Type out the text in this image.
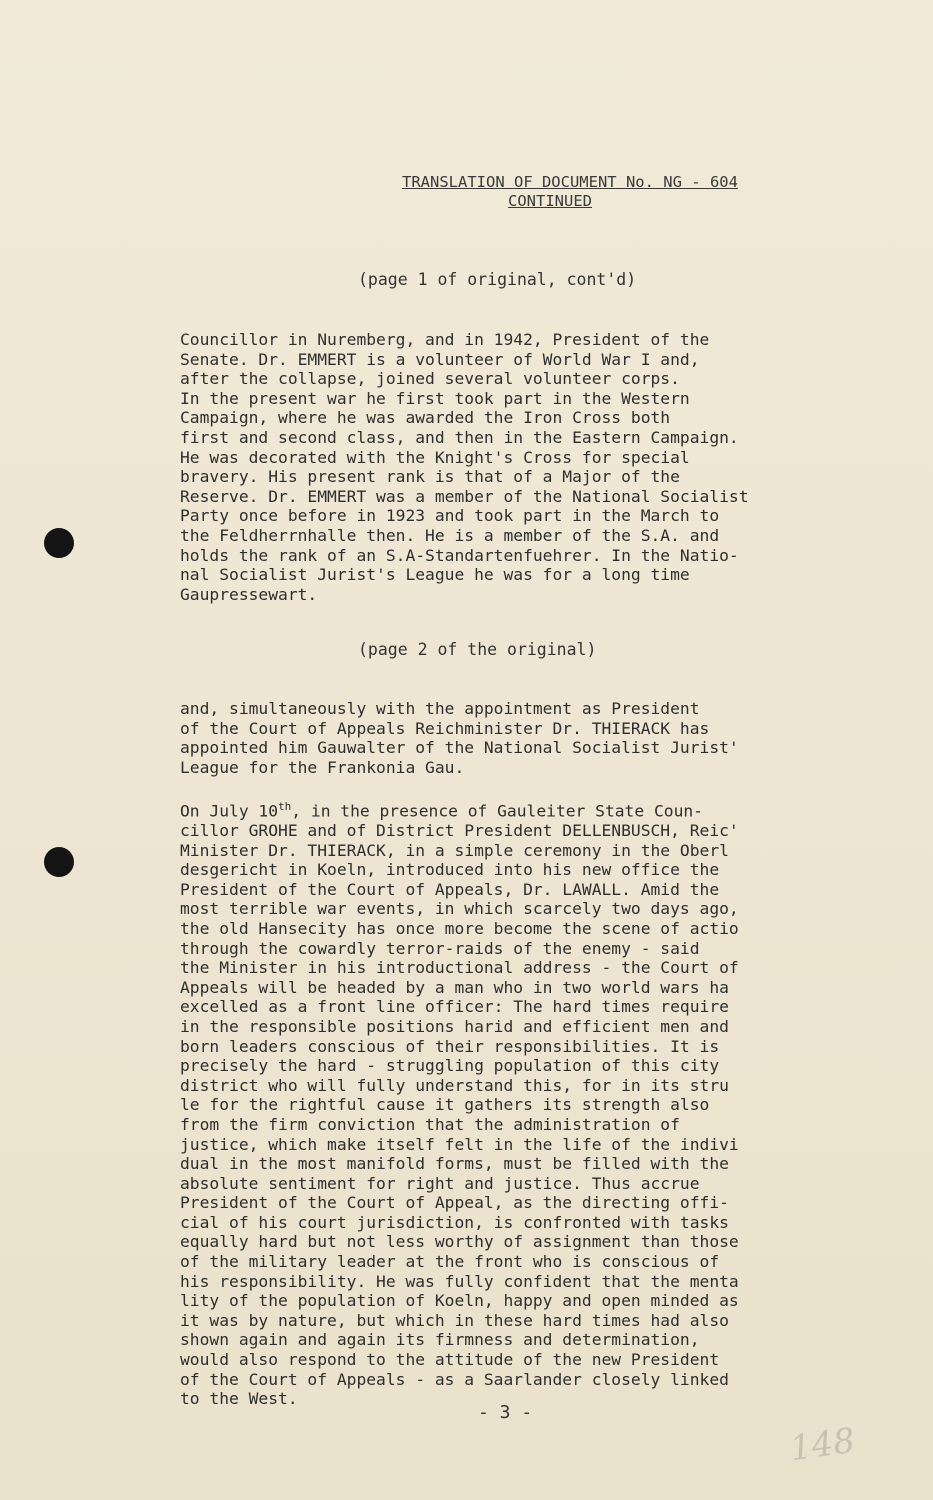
TRANSLATION OF DOCUMENT No. NG - 604
CONTINUED
(page 1 of original, cont'd)
Councillor in Nuremberg, and in 1942, President of the
Senate. Dr. EMMERT is a volunteer of World War I and,
after the collapse, joined several volunteer corps.
In the present war he first took part in the Western
Campaign, where he was awarded the Iron Cross both
first and second class, and then in the Eastern Campaign.
He was decorated with the Knight's Cross for special
bravery. His present rank is that of a Major of the
Reserve. Dr. EMMERT was a member of the National Socialist
Party once before in 1923 and took part in the March to
the Feldherrnhalle then. He is a member of the S.A. and
holds the rank of an S.A-Standartenfuehrer. In the Natio-
nal Socialist Jurist's League he was for a long time
Gaupressewart.
(page 2 of the original)
and, simultaneously with the appointment as President
of the Court of Appeals Reichminister Dr. THIERACK has
appointed him Gauwalter of the National Socialist Jurist'
League for the Frankonia Gau.
On July 10th, in the presence of Gauleiter State Coun-
cillor GROHE and of District President DELLENBUSCH, Reic'
Minister Dr. THIERACK, in a simple ceremony in the Oberl
desgericht in Koeln, introduced into his new office the
President of the Court of Appeals, Dr. LAWALL. Amid the
most terrible war events, in which scarcely two days ago,
the old Hansecity has once more become the scene of actio
through the cowardly terror-raids of the enemy - said
the Minister in his introductional address - the Court of
Appeals will be headed by a man who in two world wars ha
excelled as a front line officer: The hard times require
in the responsible positions harid and efficient men and
born leaders conscious of their responsibilities. It is
precisely the hard - struggling population of this city
district who will fully understand this, for in its stru
le for the rightful cause it gathers its strength also
from the firm conviction that the administration of
justice, which make itself felt in the life of the indivi
dual in the most manifold forms, must be filled with the
absolute sentiment for right and justice. Thus accrue
President of the Court of Appeal, as the directing offi-
cial of his court jurisdiction, is confronted with tasks
equally hard but not less worthy of assignment than those
of the military leader at the front who is conscious of
his responsibility. He was fully confident that the menta
lity of the population of Koeln, happy and open minded as
it was by nature, but which in these hard times had also
shown again and again its firmness and determination,
would also respond to the attitude of the new President
of the Court of Appeals - as a Saarlander closely linked
to the West.
- 3 -
148
